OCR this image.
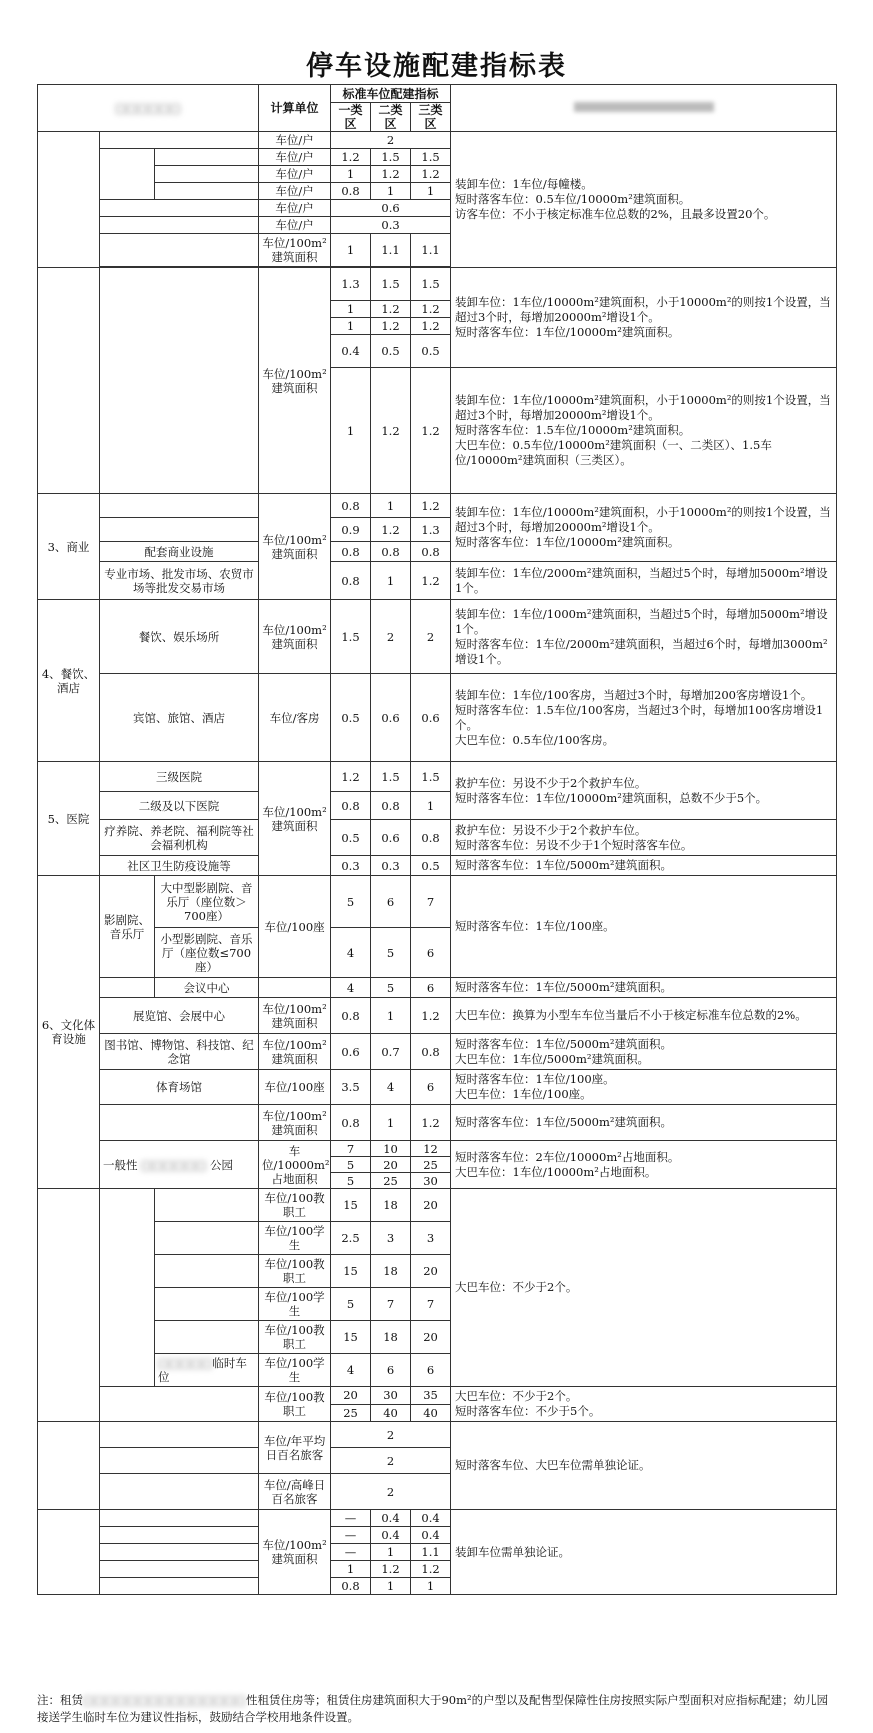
停车设施配建指标表
□□□□□□			计算单位	标准车位配建指标			
				一类区	二类区	三类区	
			车位/户	2			装卸车位：1车位/每幢楼。
短时落客车位：0.5车位/10000m²建筑面积。
访客车位：不小于核定标准车位总数的2%，且最多设置20个。

			车位/户	1.2	1.5	1.5	
			车位/户	1	1.2	1.2	
			车位/户	0.8	1	1	
			车位/户	0.6			
			车位/户	0.3			
			车位/100m²建筑面积	1	1.1	1.1	

			车位/100m²建筑面积	1.3	1.5	1.5	装卸车位：1车位/10000m²建筑面积，小于10000m²的则按1个设置，当超过3个时，每增加20000m²增设1个。
短时落客车位：1车位/10000m²建筑面积。

				1	1.2	1.2	
				1	1.2	1.2	
				0.4	0.5	0.5	
				1	1.2	1.2	装卸车位：1车位/10000m²建筑面积，小于10000m²的则按1个设置，当超过3个时，每增加20000m²增设1个。
短时落客车位：1.5车位/10000m²建筑面积。
大巴车位：0.5车位/10000m²建筑面积（一、二类区）、1.5车位/10000m²建筑面积（三类区）。

3、商业			车位/100m²建筑面积	0.8	1	1.2	装卸车位：1车位/10000m²建筑面积，小于10000m²的则按1个设置，当超过3个时，每增加20000m²增设1个。
短时落客车位：1车位/10000m²建筑面积。

				0.9	1.2	1.3	
	配套商业设施			0.8	0.8	0.8	
	专业市场、批发市场、农贸市场等批发交易市场			0.8	1	1.2	装卸车位：1车位/2000m²建筑面积，当超过5个时，每增加5000m²增设1个。

4、餐饮、酒店	餐饮、娱乐场所		车位/100m²建筑面积	1.5	2	2	装卸车位：1车位/1000m²建筑面积，当超过5个时，每增加5000m²增设1个。
短时落客车位：1车位/2000m²建筑面积，当超过6个时，每增加3000m²增设1个。

	宾馆、旅馆、酒店		车位/客房	0.5	0.6	0.6	装卸车位：1车位/100客房，当超过3个时，每增加200客房增设1个。
短时落客车位：1.5车位/100客房，当超过3个时，每增加100客房增设1个。
大巴车位：0.5车位/100客房。

5、医院	三级医院		车位/100m²建筑面积	1.2	1.5	1.5	救护车位：另设不少于2个救护车位。
短时落客车位：1车位/10000m²建筑面积，总数不少于5个。

	二级及以下医院			0.8	0.8	1	
	疗养院、养老院、福利院等社会福利机构			0.5	0.6	0.8	救护车位：另设不少于2个救护车位。
短时落客车位：另设不少于1个短时落客车位。

	社区卫生防疫设施等			0.3	0.3	0.5	短时落客车位：1车位/5000m²建筑面积。
6、文化体育设施	影剧院、音乐厅	大中型影剧院、音乐厅（座位数＞700座）	车位/100座	5	6	7	短时落客车位：1车位/100座。
		小型影剧院、音乐厅（座位数≤700座）		4	5	6	
		会议中心		4	5	6	短时落客车位：1车位/5000m²建筑面积。
	展览馆、会展中心		车位/100m²建筑面积	0.8	1	1.2	大巴车位：换算为小型车车位当量后不小于核定标准车位总数的2%。
	图书馆、博物馆、科技馆、纪念馆		车位/100m²建筑面积	0.6	0.7	0.8	短时落客车位：1车位/5000m²建筑面积。
大巴车位：1车位/5000m²建筑面积。

	体育场馆		车位/100座	3.5	4	6	短时落客车位：1车位/100座。
大巴车位：1车位/100座。

			车位/100m²建筑面积	0.8	1	1.2	短时落客车位：1车位/5000m²建筑面积。
	一般性 □□□□□□ 公园		车位/10000m²占地面积	7	10	12	短时落客车位：2车位/10000m²占地面积。
大巴车位：1车位/10000m²占地面积。

				5	20	25	
				5	25	30	
			车位/100教职工	15	18	20	大巴车位：不少于2个。
			车位/100学生	2.5	3	3	
			车位/100教职工	15	18	20	
			车位/100学生	5	7	7	
			车位/100教职工	15	18	20	
		□□□□□临时车位	车位/100学生	4	6	6	
			车位/100教职工	20	30	35	大巴车位：不少于2个。
短时落客车位：不少于5个。

				25	40	40	
			车位/年平均日百名旅客	2			短时落客车位、大巴车位需单独论证。
				2			
			车位/高峰日百名旅客	2			
			车位/100m²建筑面积	—	0.4	0.4	装卸车位需单独论证。
				—	0.4	0.4	
				—	1	1.1	
				1	1.2	1.2	
				0.8	1	1	
注：租赁□□□□□□□□□□□□□□□性租赁住房等；租赁住房建筑面积大于90m²的户型以及配售型保障性住房按照实际户型面积对应指标配建；幼儿园接送学生临时车位为建议性指标，鼓励结合学校用地条件设置。
